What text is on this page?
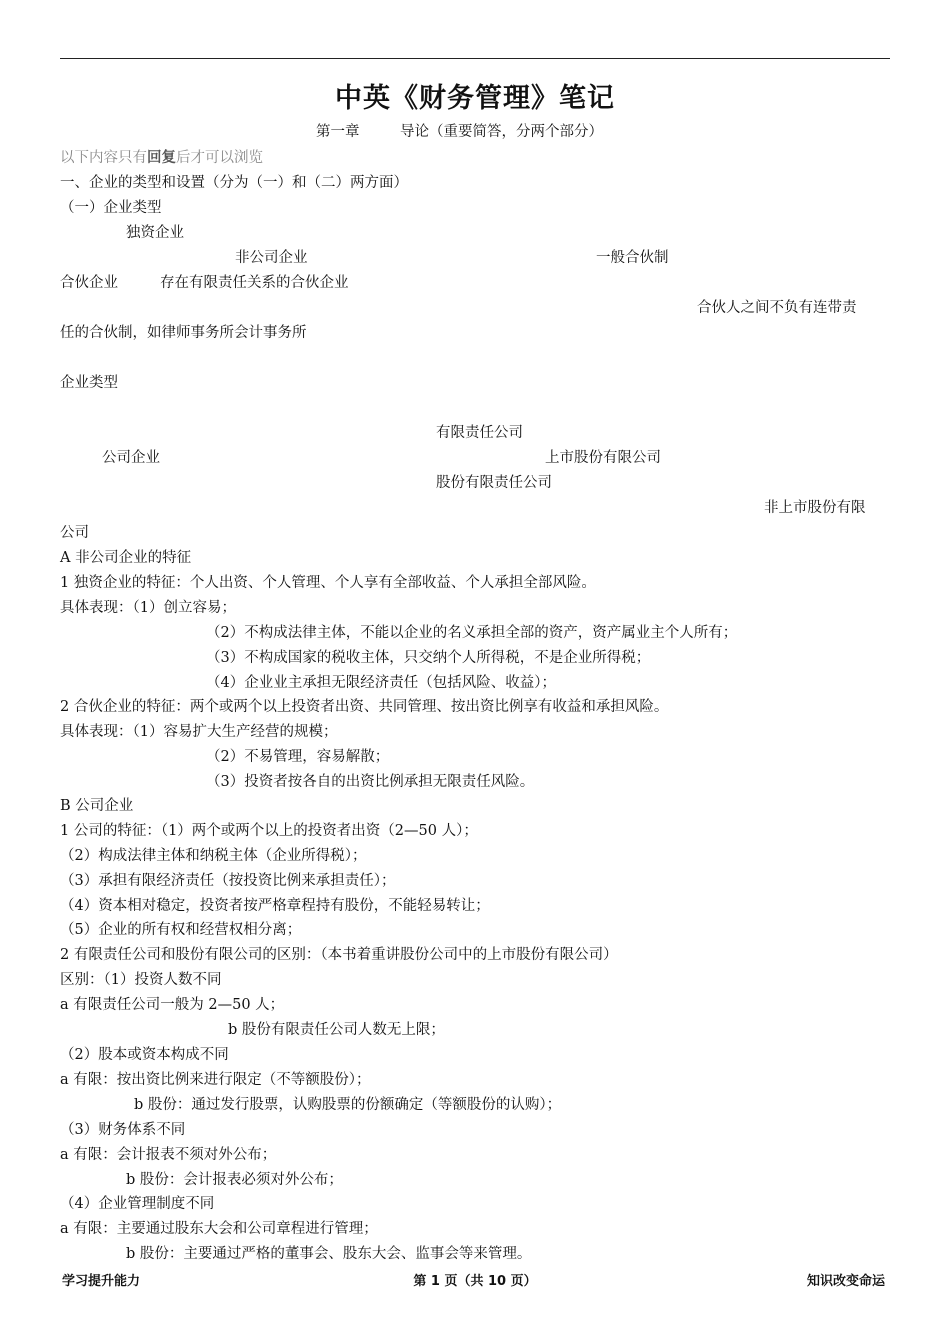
中英《财务管理》笔记
第一章	导论（重要简答，分两个部分）
以下内容只有回复后才可以浏览
一、企业的类型和设置（分为（一）和（二）两方面）
（一）企业类型
独资企业
非公司企业	一般合伙制
合伙企业	存在有限责任关系的合伙企业
合伙人之间不负有连带责
任的合伙制，如律师事务所会计事务所
企业类型
有限责任公司
公司企业	上市股份有限公司
股份有限责任公司
非上市股份有限
公司
A 非公司企业的特征
1 独资企业的特征：个人出资、个人管理、个人享有全部收益、个人承担全部风险。
具体表现：（1）创立容易；
（2）不构成法律主体，不能以企业的名义承担全部的资产，资产属业主个人所有；
（3）不构成国家的税收主体，只交纳个人所得税，不是企业所得税；
（4）企业业主承担无限经济责任（包括风险、收益）；
2 合伙企业的特征：两个或两个以上投资者出资、共同管理、按出资比例享有收益和承担风险。
具体表现：（1）容易扩大生产经营的规模；
（2）不易管理，容易解散；
（3）投资者按各自的出资比例承担无限责任风险。
B 公司企业
1 公司的特征：（1）两个或两个以上的投资者出资（2—50 人）；
（2）构成法律主体和纳税主体（企业所得税）；
（3）承担有限经济责任（按投资比例来承担责任）；
（4）资本相对稳定，投资者按严格章程持有股份，不能轻易转让；
（5）企业的所有权和经营权相分离；
2 有限责任公司和股份有限公司的区别：（本书着重讲股份公司中的上市股份有限公司）
区别：（1）投资人数不同
a 有限责任公司一般为 2—50 人；
b 股份有限责任公司人数无上限；
（2）股本或资本构成不同
a 有限：按出资比例来进行限定（不等额股份）；
b 股份：通过发行股票，认购股票的份额确定（等额股份的认购）；
（3）财务体系不同
a 有限：会计报表不须对外公布；
b 股份：会计报表必须对外公布；
（4）企业管理制度不同
a 有限：主要通过股东大会和公司章程进行管理；
b 股份：主要通过严格的董事会、股东大会、监事会等来管理。
学习提升能力	第 1 页（共 10 页）	知识改变命运
